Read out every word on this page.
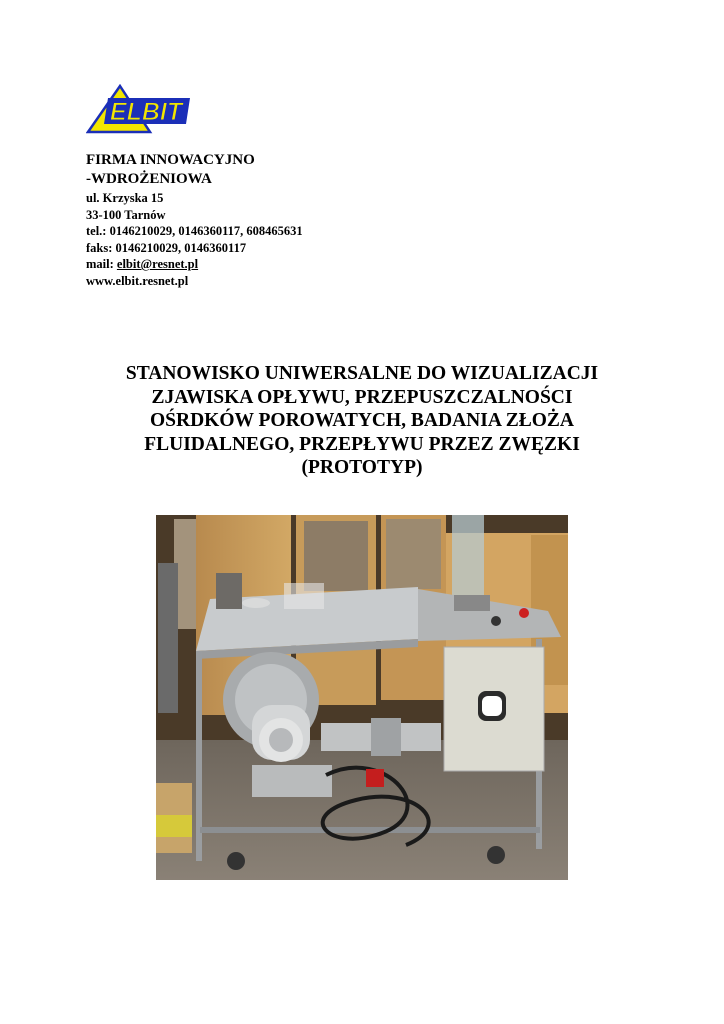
ELBIT
FIRMA INNOWACYJNO
-WDROŻENIOWA
ul. Krzyska 15
33-100 Tarnów
tel.: 0146210029, 0146360117, 608465631
faks: 0146210029, 0146360117
mail: elbit@resnet.pl
www.elbit.resnet.pl
STANOWISKO UNIWERSALNE DO WIZUALIZACJI
ZJAWISKA OPŁYWU, PRZEPUSZCZALNOŚCI
OŚRDKÓW POROWATYCH, BADANIA ZŁOŻA
FLUIDALNEGO, PRZEPŁYWU PRZEZ ZWĘZKI
(PROTOTYP)
